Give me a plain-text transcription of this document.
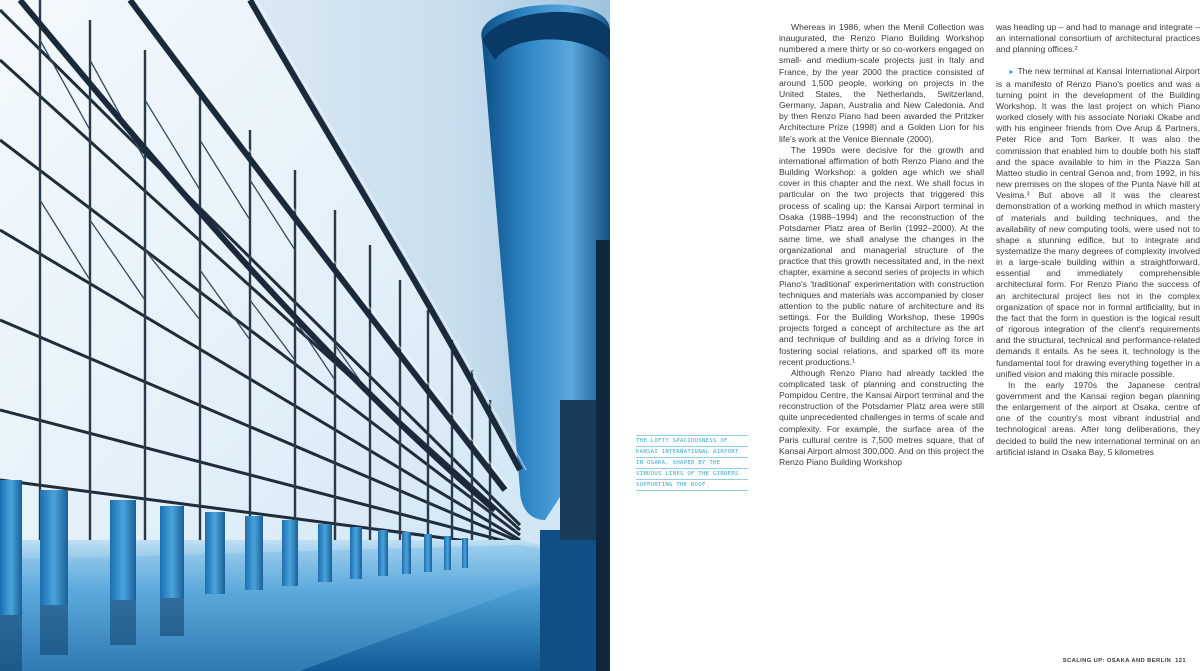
THE LOFTY SPACIOUSNESS OF
KANSAI INTERNATIONAL AIRPORT
IN OSAKA, SHAPED BY THE
SINUOUS LINES OF THE GIRDERS
SUPPORTING THE ROOF.

Whereas in 1986, when the Menil Collection was inaugurated, the Renzo Piano Building Workshop numbered a mere thirty or so co-workers engaged on small- and medium-scale projects just in Italy and France, by the year 2000 the practice consisted of around 1,500 people, working on projects in the United States, the Netherlands, Switzerland, Germany, Japan, Australia and New Caledonia. And by then Renzo Piano had been awarded the Pritzker Architecture Prize (1998) and a Golden Lion for his life's work at the Venice Biennale (2000).

The 1990s were decisive for the growth and international affirmation of both Renzo Piano and the Building Workshop: a golden age which we shall cover in this chapter and the next. We shall focus in particular on the two projects that triggered this process of scaling up: the Kansai Airport terminal in Osaka (1988–1994) and the reconstruction of the Potsdamer Platz area of Berlin (1992–2000). At the same time, we shall analyse the changes in the organizational and managerial structure of the practice that this growth necessitated and, in the next chapter, examine a second series of projects in which Piano's 'traditional' experimentation with construction techniques and materials was accompanied by closer attention to the public nature of architecture and its settings. For the Building Workshop, these 1990s projects forged a concept of architecture as the art and technique of building and as a driving force in fostering social relations, and sparked off its more recent productions.¹

Although Renzo Piano had already tackled the complicated task of planning and constructing the Pompidou Centre, the Kansai Airport terminal and the reconstruction of the Potsdamer Platz area were still quite unprecedented challenges in terms of scale and complexity. For example, the surface area of the Paris cultural centre is 7,500 metres square, that of Kansai Airport almost 300,000. And on this project the Renzo Piano Building Workshop

was heading up – and had to manage and integrate – an international consortium of architectural practices and planning offices.²

► The new terminal at Kansai International Airport is a manifesto of Renzo Piano's poetics and was a turning point in the development of the Building Workshop. It was the last project on which Piano worked closely with his associate Noriaki Okabe and with his engineer friends from Ove Arup & Partners, Peter Rice and Tom Barker. It was also the commission that enabled him to double both his staff and the space available to him in the Piazza San Matteo studio in central Genoa and, from 1992, in his new premises on the slopes of the Punta Nave hill at Vesima.³ But above all it was the clearest demonstration of a working method in which mastery of materials and building techniques, and the availability of new computing tools, were used not to shape a stunning edifice, but to integrate and systematize the many degrees of complexity involved in a large-scale building within a straightforward, essential and immediately comprehensible architectural form. For Renzo Piano the success of an architectural project lies not in the complex organization of space nor in formal artificiality, but in the fact that the form in question is the logical result of rigorous integration of the client's requirements and the structural, technical and performance-related demands it entails. As he sees it, technology is the fundamental tool for drawing everything together in a unified vision and making this miracle possible.

In the early 1970s the Japanese central government and the Kansai region began planning the enlargement of the airport at Osaka, centre of one of the country's most vibrant industrial and technological areas. After long deliberations, they decided to build the new international terminal on an artificial island in Osaka Bay, 5 kilometres

SCALING UP: OSAKA AND BERLIN 121
